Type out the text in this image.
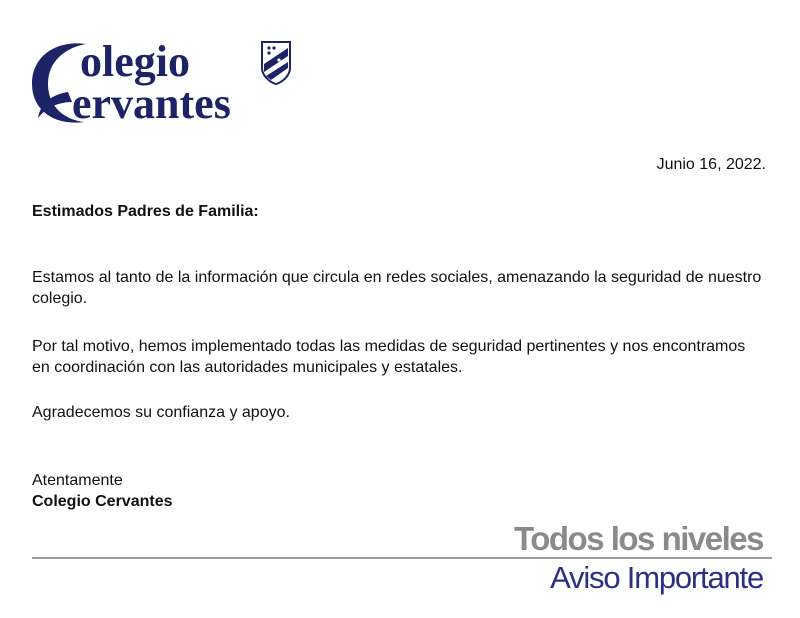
olegio
ervantes
Junio 16, 2022.
Estimados Padres de Familia:
Estamos al tanto de la información que circula en redes sociales, amenazando la seguridad de nuestro colegio.
Por tal motivo, hemos implementado todas las medidas de seguridad pertinentes y nos encontramos en coordinación con las autoridades municipales y estatales.
Agradecemos su confianza y apoyo.
Atentamente
Colegio Cervantes
Todos los niveles
Aviso Importante
